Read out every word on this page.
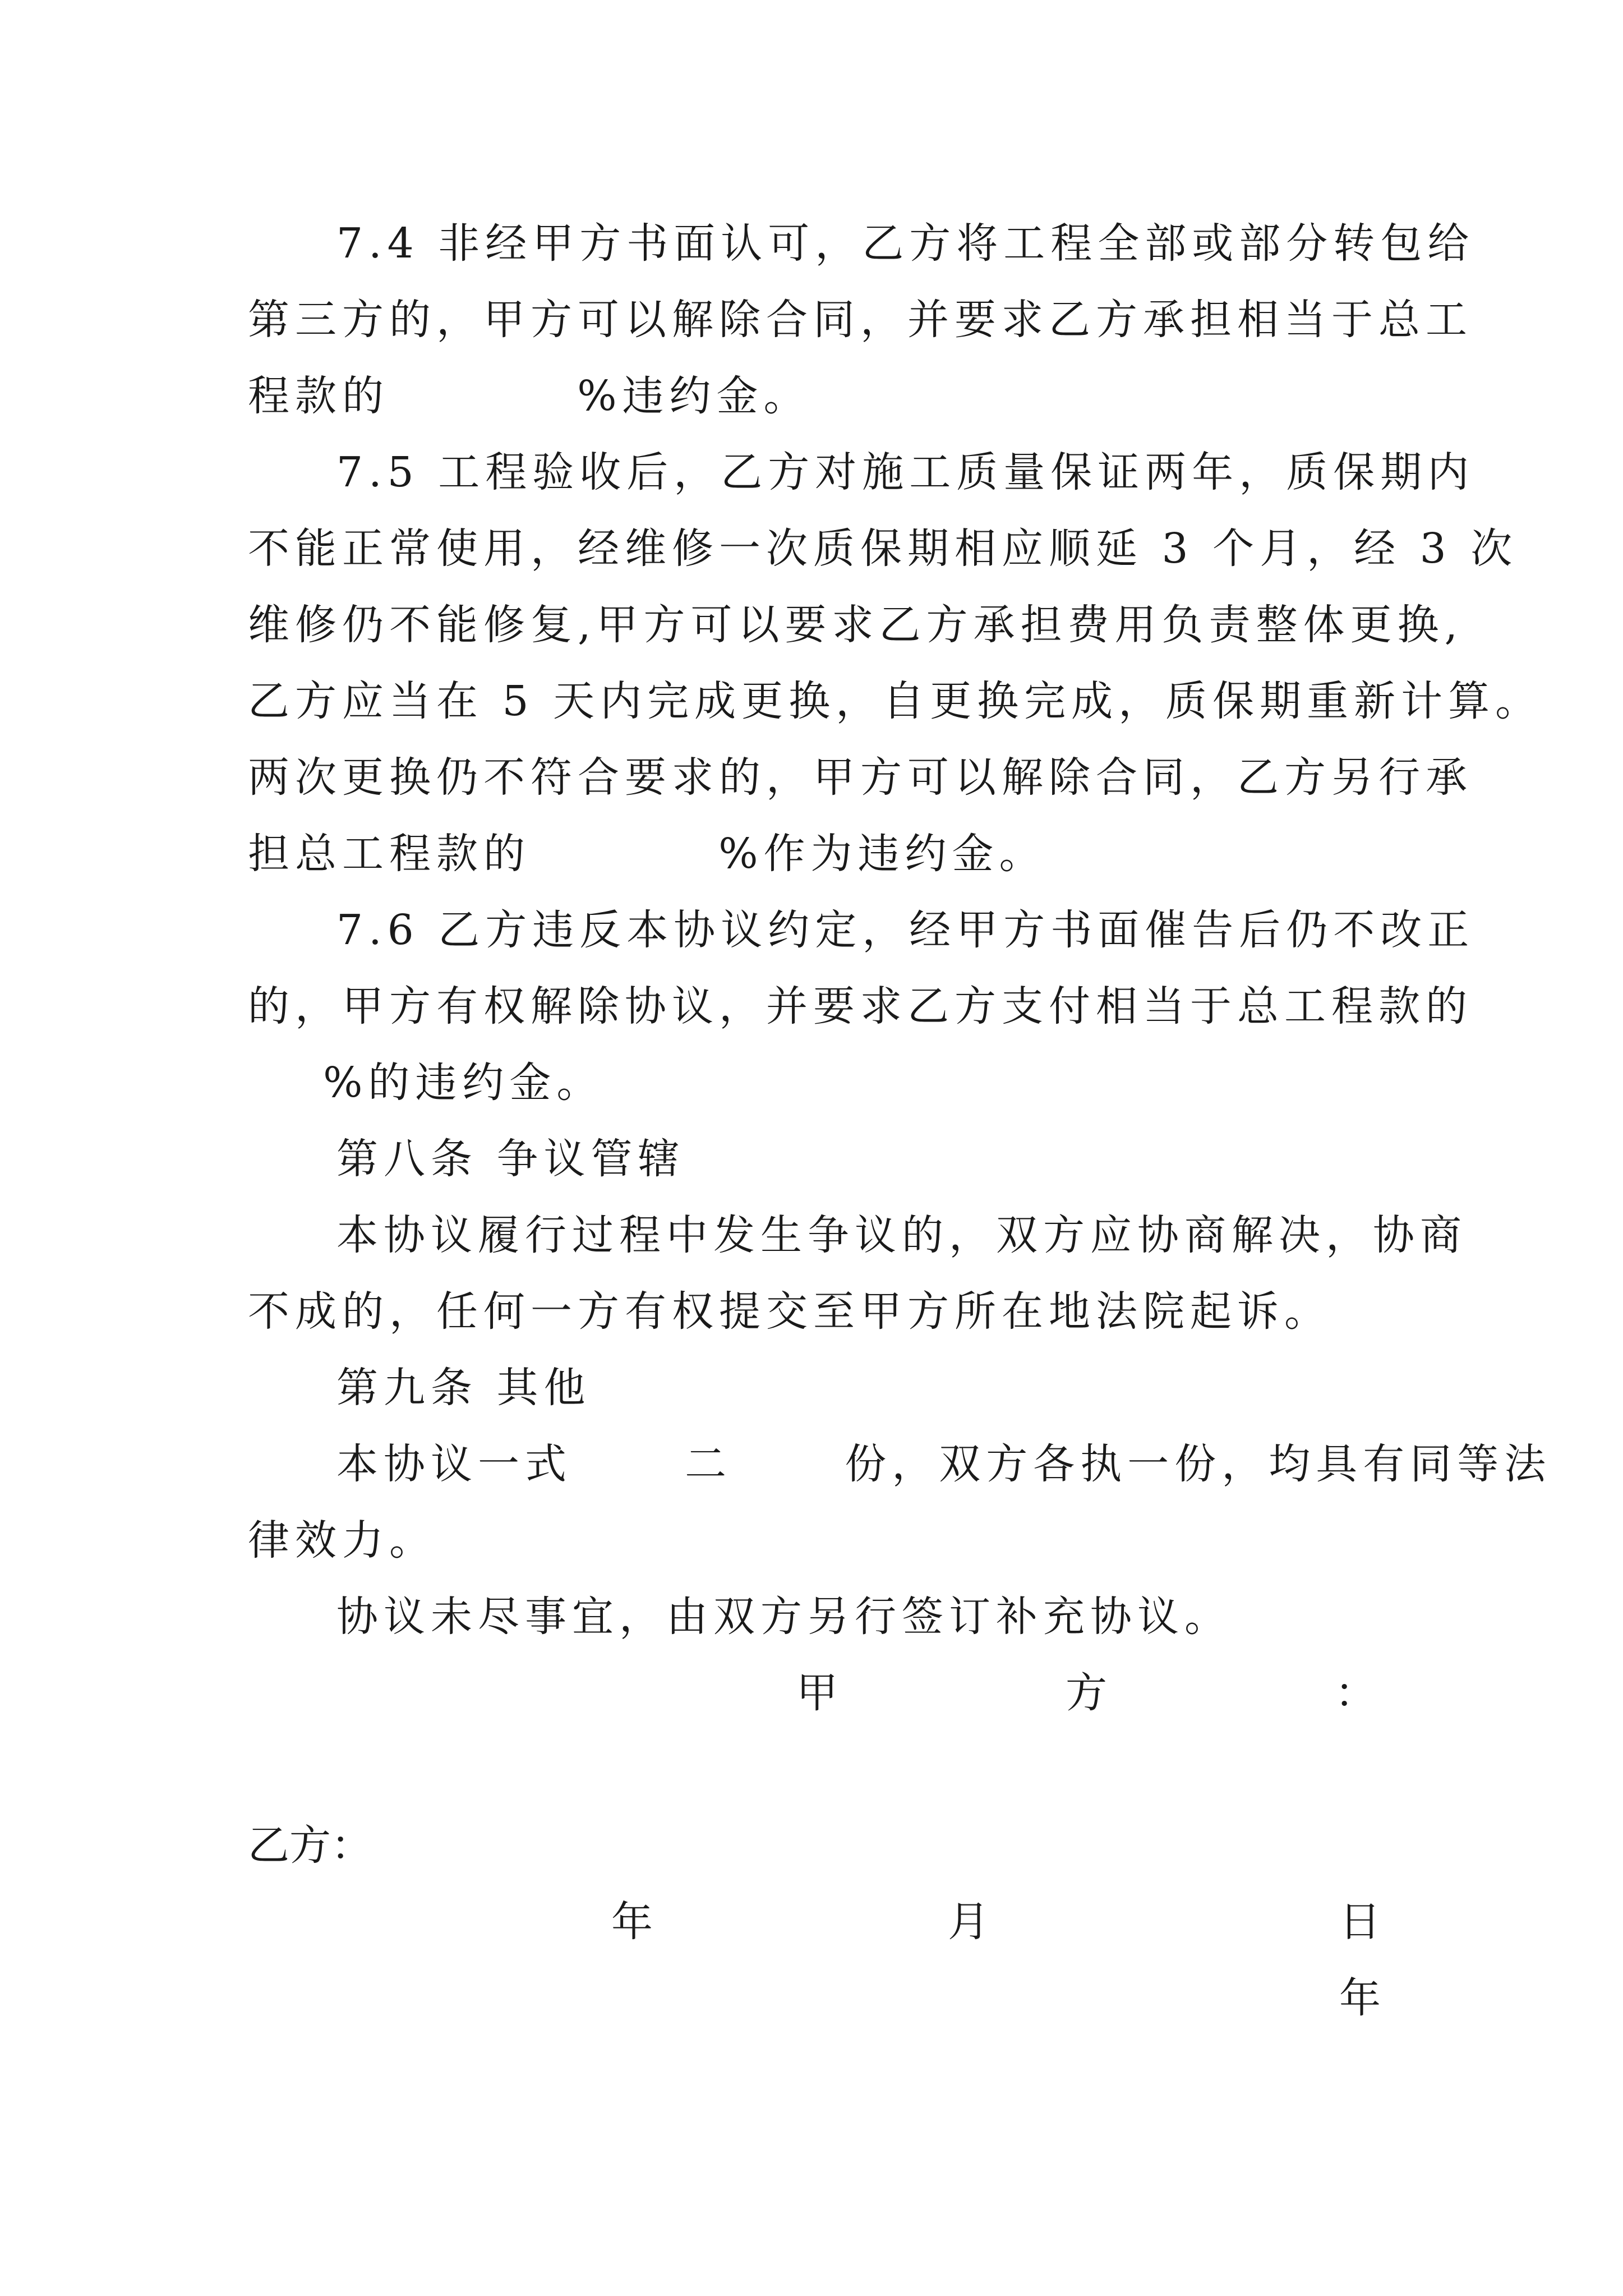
7.4 非经甲方书面认可，乙方将工程全部或部分转包给
第三方的，甲方可以解除合同，并要求乙方承担相当于总工
程款的          %违约金。
7.5 工程验收后，乙方对施工质量保证两年，质保期内
不能正常使用，经维修一次质保期相应顺延 3 个月，经 3 次
维修仍不能修复,甲方可以要求乙方承担费用负责整体更换,
乙方应当在 5 天内完成更换，自更换完成，质保期重新计算。
两次更换仍不符合要求的，甲方可以解除合同，乙方另行承
担总工程款的          %作为违约金。
7.6 乙方违反本协议约定，经甲方书面催告后仍不改正
的，甲方有权解除协议，并要求乙方支付相当于总工程款的
%的违约金。
第八条 争议管辖
本协议履行过程中发生争议的，双方应协商解决，协商
不成的，任何一方有权提交至甲方所在地法院起诉。
第九条 其他
本协议一式      二      份，双方各执一份，均具有同等法
律效力。
协议未尽事宜，由双方另行签订补充协议。
甲	方	：
乙方：
年	月	日
年
